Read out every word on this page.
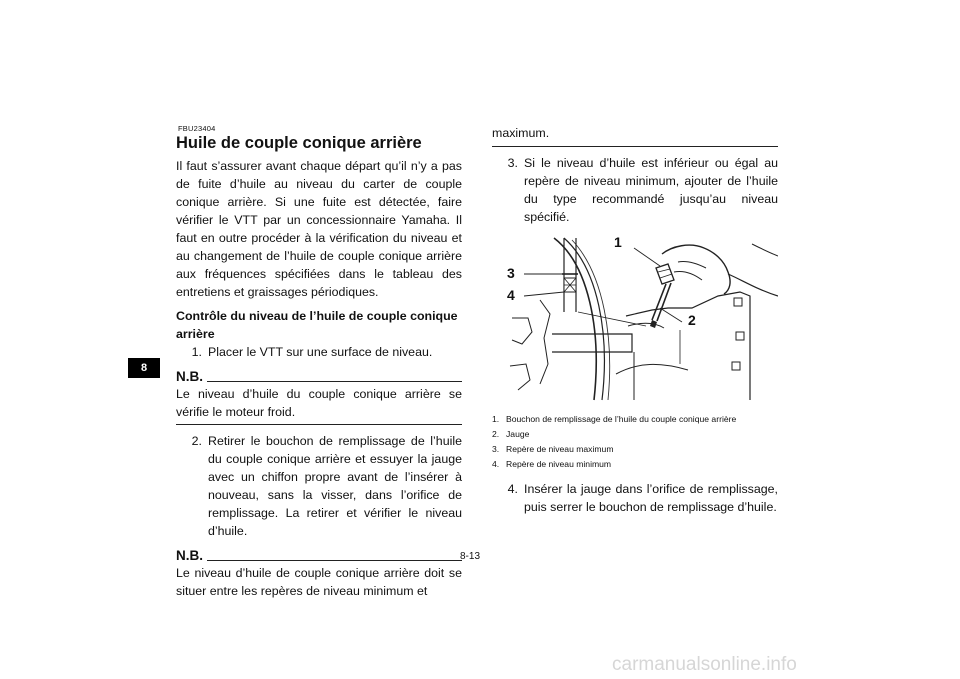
8
FBU23404
Huile de couple conique arrière

Il faut s’assurer avant chaque départ qu’il n’y a pas de fuite d’huile au niveau du carter de couple conique arrière. Si une fuite est détectée, faire vérifier le VTT par un concessionnaire Yamaha. Il faut en outre procéder à la vérification du niveau et au changement de l’huile de couple conique arrière aux fréquences spécifiées dans le tableau des entretiens et graissages périodiques.

Contrôle du niveau de l’huile de couple conique arrière
1. Placer le VTT sur une surface de niveau.
N.B.
Le niveau d’huile du couple conique arrière se vérifie le moteur froid.
2. Retirer le bouchon de remplissage de l’huile du couple conique arrière et essuyer la jauge avec un chiffon propre avant de l’insérer à nouveau, sans la visser, dans l’orifice de remplissage. La retirer et vérifier le niveau d’huile.
N.B.
Le niveau d’huile de couple conique arrière doit se situer entre les repères de niveau minimum et
maximum.
3. Si le niveau d’huile est inférieur ou égal au repère de niveau minimum, ajouter de l’huile du type recommandé jusqu’au niveau spécifié.
1
2
3
4
1. Bouchon de remplissage de l’huile du couple conique arrière
2. Jauge
3. Repère de niveau maximum
4. Repère de niveau minimum
4. Insérer la jauge dans l’orifice de remplissage, puis serrer le bouchon de remplissage d’huile.
8-13
carmanualsonline.info
